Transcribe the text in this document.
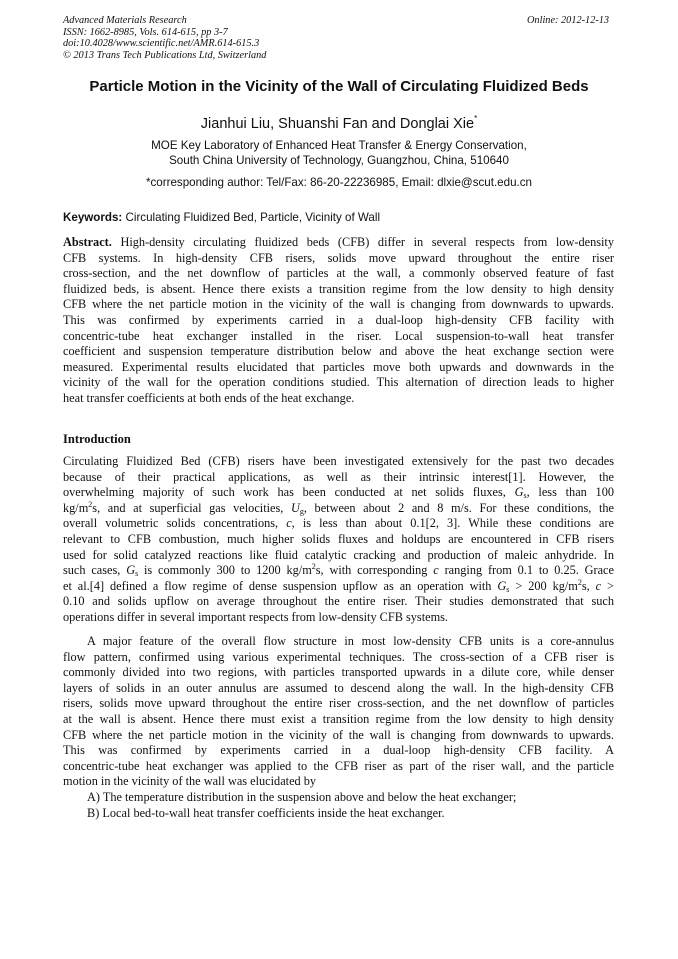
Advanced Materials Research
ISSN: 1662-8985, Vols. 614-615, pp 3-7
doi:10.4028/www.scientific.net/AMR.614-615.3
© 2013 Trans Tech Publications Ltd, Switzerland
Online: 2012-12-13
Particle Motion in the Vicinity of the Wall of Circulating Fluidized Beds
Jianhui Liu, Shuanshi Fan and Donglai Xie*
MOE Key Laboratory of Enhanced Heat Transfer & Energy Conservation,
South China University of Technology, Guangzhou, China, 510640
*corresponding author: Tel/Fax: 86-20-22236985, Email: dlxie@scut.edu.cn
Keywords: Circulating Fluidized Bed, Particle, Vicinity of Wall
Abstract. High-density circulating fluidized beds (CFB) differ in several respects from low-density
CFB systems. In high-density CFB risers, solids move upward throughout the entire riser
cross-section, and the net downflow of particles at the wall, a commonly observed feature of fast
fluidized beds, is absent. Hence there exists a transition regime from the low density to high density
CFB where the net particle motion in the vicinity of the wall is changing from downwards to upwards.
This was confirmed by experiments carried in a dual-loop high-density CFB facility with
concentric-tube heat exchanger installed in the riser. Local suspension-to-wall heat transfer
coefficient and suspension temperature distribution below and above the heat exchange section were
measured. Experimental results elucidated that particles move both upwards and downwards in the
vicinity of the wall for the operation conditions studied. This alternation of direction leads to higher
heat transfer coefficients at both ends of the heat exchange.
Introduction
Circulating Fluidized Bed (CFB) risers have been investigated extensively for the past two decades
because of their practical applications, as well as their intrinsic interest[1]. However, the
overwhelming majority of such work has been conducted at net solids fluxes, $G_s$, less than 100
$kg/m^2s$, and at superficial gas velocities, $U_g$, between about 2 and 8 m/s. For these conditions, the
overall volumetric solids concentrations, c, is less than about 0.1[2, 3]. While these conditions are
relevant to CFB combustion, much higher solids fluxes and holdups are encountered in CFB risers
used for solid catalyzed reactions like fluid catalytic cracking and production of maleic anhydride. In
such cases, $G_s$ is commonly 300 to 1200 $kg/m^2s$, with corresponding c ranging from 0.1 to 0.25. Grace
et al.[4] defined a flow regime of dense suspension upflow as an operation with $G_s > 200$ $kg/m^2s$, c >
0.10 and solids upflow on average throughout the entire riser. Their studies demonstrated that such
operations differ in several important respects from low-density CFB systems.
A major feature of the overall flow structure in most low-density CFB units is a core-annulus
flow pattern, confirmed using various experimental techniques. The cross-section of a CFB riser is
commonly divided into two regions, with particles transported upwards in a dilute core, while denser
layers of solids in an outer annulus are assumed to descend along the wall. In the high-density CFB
risers, solids move upward throughout the entire riser cross-section, and the net downflow of particles
at the wall is absent. Hence there must exist a transition regime from the low density to high density
CFB where the net particle motion in the vicinity of the wall is changing from downwards to upwards.
This was confirmed by experiments carried in a dual-loop high-density CFB facility. A
concentric-tube heat exchanger was applied to the CFB riser as part of the riser wall, and the particle
motion in the vicinity of the wall was elucidated by
A) The temperature distribution in the suspension above and below the heat exchanger;
B) Local bed-to-wall heat transfer coefficients inside the heat exchanger.
